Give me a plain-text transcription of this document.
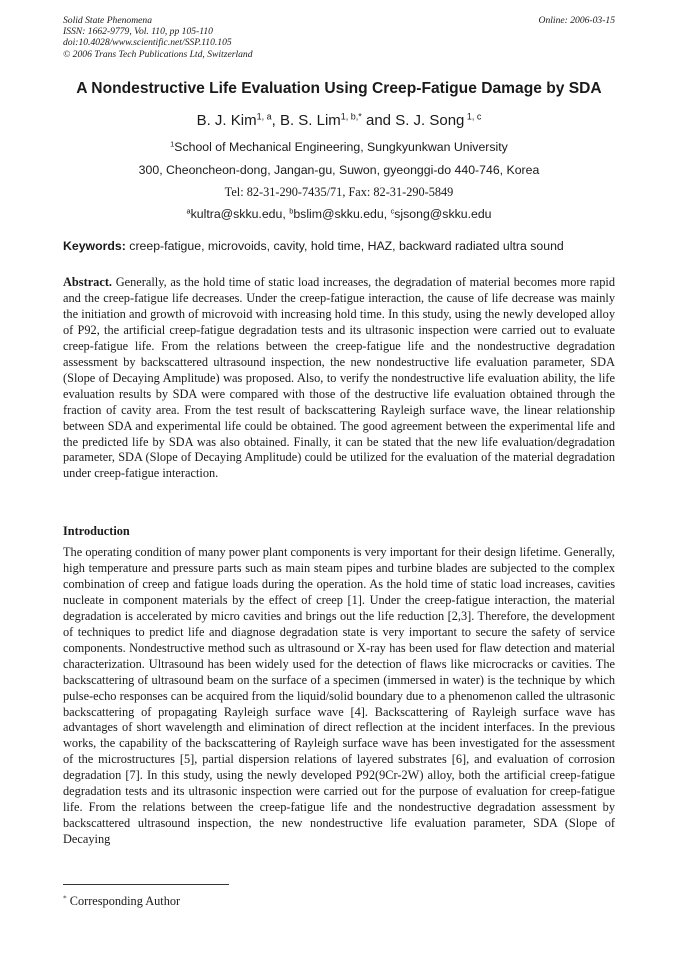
Solid State Phenomena
ISSN: 1662-9779, Vol. 110, pp 105-110
doi:10.4028/www.scientific.net/SSP.110.105
© 2006 Trans Tech Publications Ltd, Switzerland
Online: 2006-03-15
A Nondestructive Life Evaluation Using Creep-Fatigue Damage by SDA
B. J. Kim$^{1, a}$, B. S. Lim$^{1, b,*}$ and S. J. Song $^{1, c}$
$^1$School of Mechanical Engineering, Sungkyunkwan University
300, Cheoncheon-dong, Jangan-gu, Suwon, gyeonggi-do 440-746, Korea
Tel: 82-31-290-7435/71, Fax: 82-31-290-5849
$^a$kultra@skku.edu, $^b$bslim@skku.edu, $^c$sjsong@skku.edu
Keywords: creep-fatigue, microvoids, cavity, hold time, HAZ, backward radiated ultra sound
Abstract. Generally, as the hold time of static load increases, the degradation of material becomes more rapid and the creep-fatigue life decreases. Under the creep-fatigue interaction, the cause of life decrease was mainly the initiation and growth of microvoid with increasing hold time. In this study, using the newly developed alloy of P92, the artificial creep-fatigue degradation tests and its ultrasonic inspection were carried out to evaluate creep-fatigue life. From the relations between the creep-fatigue life and the nondestructive degradation assessment by backscattered ultrasound inspection, the new nondestructive life evaluation parameter, SDA (Slope of Decaying Amplitude) was proposed. Also, to verify the nondestructive life evaluation ability, the life evaluation results by SDA were compared with those of the destructive life evaluation obtained through the fraction of cavity area. From the test result of backscattering Rayleigh surface wave, the linear relationship between SDA and experimental life could be obtained. The good agreement between the experimental life and the predicted life by SDA was also obtained. Finally, it can be stated that the new life evaluation/degradation parameter, SDA (Slope of Decaying Amplitude) could be utilized for the evaluation of the material degradation under creep-fatigue interaction.
Introduction
The operating condition of many power plant components is very important for their design lifetime. Generally, high temperature and pressure parts such as main steam pipes and turbine blades are subjected to the complex combination of creep and fatigue loads during the operation. As the hold time of static load increases, cavities nucleate in component materials by the effect of creep [1]. Under the creep-fatigue interaction, the material degradation is accelerated by micro cavities and brings out the life reduction [2,3]. Therefore, the development of techniques to predict life and diagnose degradation state is very important to secure the safety of service components. Nondestructive method such as ultrasound or X-ray has been used for flaw detection and material characterization. Ultrasound has been widely used for the detection of flaws like microcracks or cavities. The backscattering of ultrasound beam on the surface of a specimen (immersed in water) is the technique by which pulse-echo responses can be acquired from the liquid/solid boundary due to a phenomenon called the ultrasonic backscattering of propagating Rayleigh surface wave [4]. Backscattering of Rayleigh surface wave has advantages of short wavelength and elimination of direct reflection at the incident interfaces. In the previous works, the capability of the backscattering of Rayleigh surface wave has been investigated for the assessment of the microstructures [5], partial dispersion relations of layered substrates [6], and evaluation of corrosion degradation [7]. In this study, using the newly developed P92(9Cr-2W) alloy, both the artificial creep-fatigue degradation tests and its ultrasonic inspection were carried out for the purpose of evaluation for creep-fatigue life. From the relations between the creep-fatigue life and the nondestructive degradation assessment by backscattered ultrasound inspection, the new nondestructive life evaluation parameter, SDA (Slope of Decaying
* Corresponding Author
